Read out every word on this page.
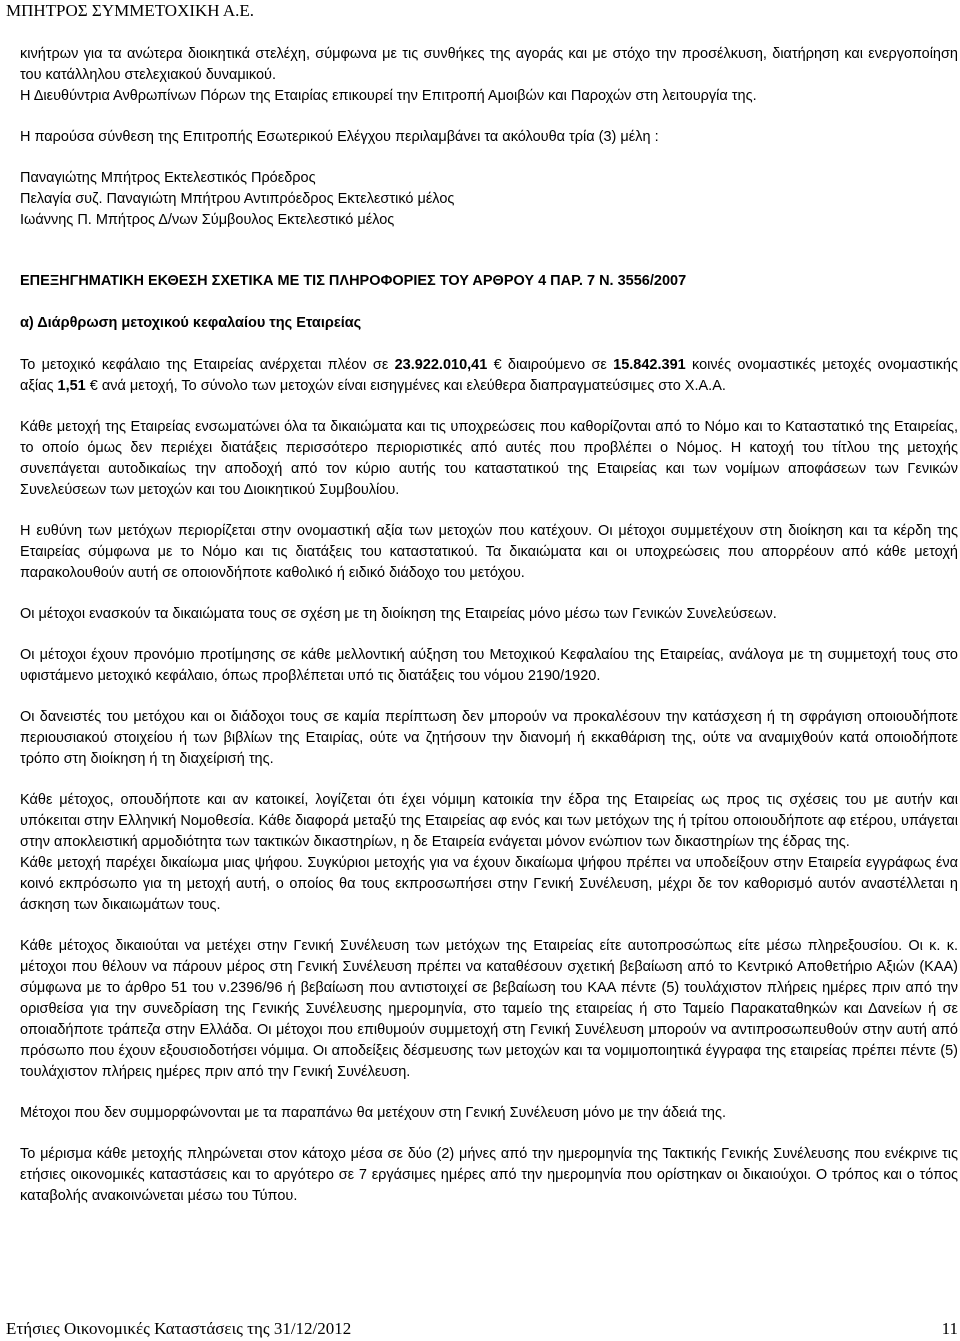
ΜΠΗΤΡΟΣ ΣΥΜΜΕΤΟΧΙΚΗ Α.Ε.

κινήτρων για τα ανώτερα διοικητικά στελέχη, σύμφωνα με τις συνθήκες της αγοράς και με στόχο την προσέλκυση, διατήρηση και ενεργοποίηση του κατάλληλου στελεχιακού δυναμικού.

Η Διευθύντρια Ανθρωπίνων Πόρων της Εταιρίας επικουρεί την Επιτροπή Αμοιβών και Παροχών στη λειτουργία της.

Η παρούσα σύνθεση της Επιτροπής Εσωτερικού Ελέγχου περιλαμβάνει τα ακόλουθα τρία (3) μέλη :

Παναγιώτης Μπήτρος Εκτελεστικός Πρόεδρος

Πελαγία συζ. Παναγιώτη Μπήτρου Αντιπρόεδρος Εκτελεστικό μέλος

Ιωάννης Π. Μπήτρος Δ/νων Σύμβουλος Εκτελεστικό μέλος

ΕΠΕΞΗΓΗΜΑΤΙΚΗ ΕΚΘΕΣΗ ΣΧΕΤΙΚΑ ΜΕ ΤΙΣ ΠΛΗΡΟΦΟΡΙΕΣ ΤΟΥ ΑΡΘΡΟΥ 4 ΠΑΡ. 7 Ν. 3556/2007

α) Διάρθρωση μετοχικού κεφαλαίου της Εταιρείας

Το μετοχικό κεφάλαιο της Εταιρείας ανέρχεται πλέον σε 23.922.010,41 € διαιρούμενο σε 15.842.391 κοινές ονομαστικές μετοχές ονομαστικής αξίας 1,51 € ανά μετοχή, Το σύνολο των μετοχών είναι εισηγμένες και ελεύθερα διαπραγματεύσιμες στο Χ.Α.Α.

Κάθε μετοχή της Εταιρείας ενσωματώνει όλα τα δικαιώματα και τις υποχρεώσεις που καθορίζονται από το Νόμο και το Καταστατικό της Εταιρείας, το οποίο όμως δεν περιέχει διατάξεις περισσότερο περιοριστικές από αυτές που προβλέπει ο Νόμος. Η κατοχή του τίτλου της μετοχής συνεπάγεται αυτοδικαίως την αποδοχή από τον κύριο αυτής του καταστατικού της Εταιρείας και των νομίμων αποφάσεων των Γενικών Συνελεύσεων των μετοχών και του Διοικητικού Συμβουλίου.

Η ευθύνη των μετόχων περιορίζεται στην ονομαστική αξία των μετοχών που κατέχουν. Οι μέτοχοι συμμετέχουν στη διοίκηση και τα κέρδη της Εταιρείας σύμφωνα με το Νόμο και τις διατάξεις του καταστατικού. Τα δικαιώματα και οι υποχρεώσεις που απορρέουν από κάθε μετοχή παρακολουθούν αυτή σε οποιονδήποτε καθολικό ή ειδικό διάδοχο του μετόχου.

Οι μέτοχοι ενασκούν τα δικαιώματα τους σε σχέση με τη διοίκηση της Εταιρείας μόνο μέσω των Γενικών Συνελεύσεων.

Οι μέτοχοι έχουν προνόμιο προτίμησης σε κάθε μελλοντική αύξηση του Μετοχικού Κεφαλαίου της Εταιρείας, ανάλογα με τη συμμετοχή τους στο υφιστάμενο μετοχικό κεφάλαιο, όπως προβλέπεται υπό τις διατάξεις του νόμου 2190/1920.

Οι δανειστές του μετόχου και οι διάδοχοι τους σε καμία περίπτωση δεν μπορούν να προκαλέσουν την κατάσχεση ή τη σφράγιση οποιουδήποτε περιουσιακού στοιχείου ή των βιβλίων της Εταιρίας, ούτε να ζητήσουν την διανομή ή εκκαθάριση της, ούτε να αναμιχθούν κατά οποιοδήποτε τρόπο στη διοίκηση ή τη διαχείρισή της.

Κάθε μέτοχος, οπουδήποτε και αν κατοικεί, λογίζεται ότι έχει νόμιμη κατοικία την έδρα της Εταιρείας ως προς τις σχέσεις του με αυτήν και υπόκειται στην Ελληνική Νομοθεσία. Κάθε διαφορά μεταξύ της Εταιρείας αφ ενός και των μετόχων της ή τρίτου οποιουδήποτε αφ ετέρου, υπάγεται στην αποκλειστική αρμοδιότητα των τακτικών δικαστηρίων, η δε Εταιρεία ενάγεται μόνον ενώπιον των δικαστηρίων της έδρας της.

Κάθε μετοχή παρέχει δικαίωμα μιας ψήφου. Συγκύριοι μετοχής για να έχουν δικαίωμα ψήφου πρέπει να υποδείξουν στην Εταιρεία εγγράφως ένα κοινό εκπρόσωπο για τη μετοχή αυτή, ο οποίος θα τους εκπροσωπήσει στην Γενική Συνέλευση, μέχρι δε τον καθορισμό αυτόν αναστέλλεται η άσκηση των δικαιωμάτων τους.

Κάθε μέτοχος δικαιούται να μετέχει στην Γενική Συνέλευση των μετόχων της Εταιρείας είτε αυτοπροσώπως είτε μέσω πληρεξουσίου. Οι κ. κ. μέτοχοι που θέλουν να πάρουν μέρος στη Γενική Συνέλευση πρέπει να καταθέσουν σχετική βεβαίωση από το Κεντρικό Αποθετήριο Αξιών (ΚΑΑ) σύμφωνα με το άρθρο 51 του ν.2396/96 ή βεβαίωση που αντιστοιχεί σε βεβαίωση του ΚΑΑ πέντε (5) τουλάχιστον πλήρεις ημέρες πριν από την ορισθείσα για την συνεδρίαση της Γενικής Συνέλευσης ημερομηνία, στο ταμείο της εταιρείας ή στο Ταμείο Παρακαταθηκών και Δανείων ή σε οποιαδήποτε τράπεζα στην Ελλάδα. Οι μέτοχοι που επιθυμούν συμμετοχή στη Γενική Συνέλευση μπορούν να αντιπροσωπευθούν στην αυτή από πρόσωπο που έχουν εξουσιοδοτήσει νόμιμα. Οι αποδείξεις δέσμευσης των μετοχών και τα νομιμοποιητικά έγγραφα της εταιρείας πρέπει πέντε (5) τουλάχιστον πλήρεις ημέρες πριν από την Γενική Συνέλευση.

Μέτοχοι που δεν συμμορφώνονται με τα παραπάνω θα μετέχουν στη Γενική Συνέλευση μόνο με την άδειά της.

Το μέρισμα κάθε μετοχής πληρώνεται στον κάτοχο μέσα σε δύο (2) μήνες από την ημερομηνία της Τακτικής Γενικής Συνέλευσης που ενέκρινε τις ετήσιες οικονομικές καταστάσεις και το αργότερο σε 7 εργάσιμες ημέρες από την ημερομηνία που ορίστηκαν οι δικαιούχοι. Ο τρόπος και ο τόπος καταβολής ανακοινώνεται μέσω του Τύπου.

Ετήσιες Οικονομικές Καταστάσεις της 31/12/2012	11
